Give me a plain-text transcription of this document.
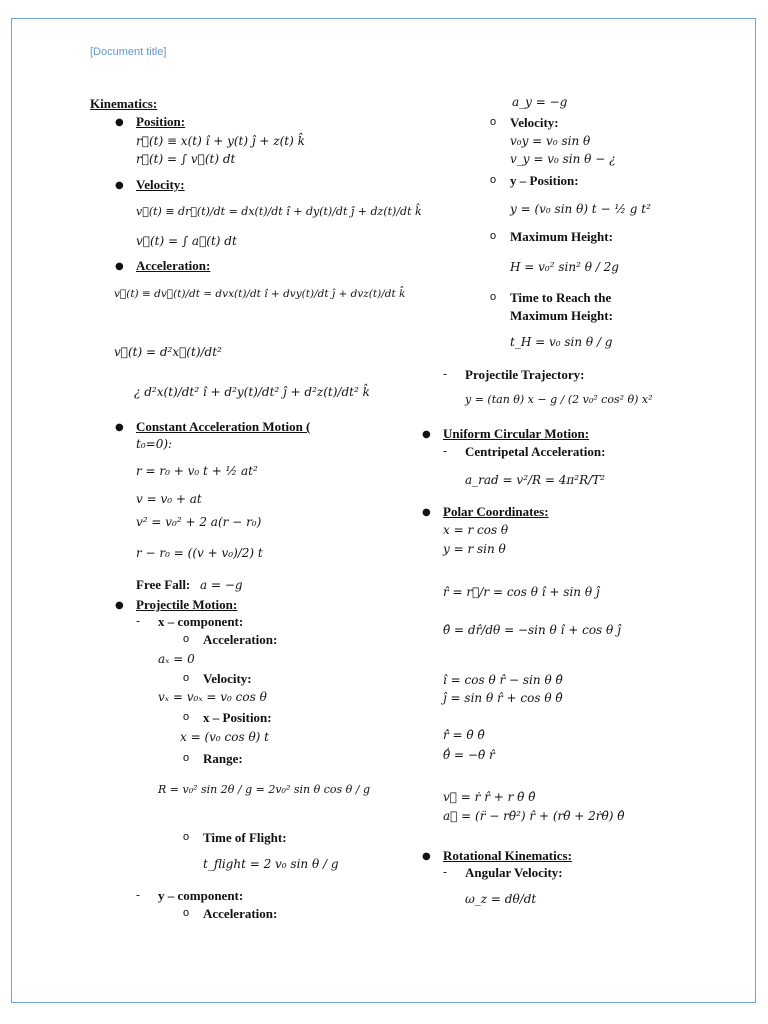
[Document title]
Kinematics:
● Position:
r⃗(t) ≡ x(t) î + y(t) ĵ + z(t) k̂
r⃗(t) = ∫ v⃗(t) dt
● Velocity:
v⃗(t) ≡ dr⃗(t)/dt = dx(t)/dt î + dy(t)/dt ĵ + dz(t)/dt k̂
v⃗(t) = ∫ a⃗(t) dt
● Acceleration:
v⃗(t) ≡ dv⃗(t)/dt = dvx(t)/dt î + dvy(t)/dt ĵ + dvz(t)/dt k̂
v⃗(t) = d²x⃗(t)/dt²
¿ d²x(t)/dt² î + d²y(t)/dt² ĵ + d²z(t)/dt² k̂
● Constant Acceleration Motion (
t₀=0):
r = r₀ + v₀ t + ½ at²
v = v₀ + at
v² = v₀² + 2 a(r − r₀)
r − r₀ = ((v + v₀)/2) t
Free Fall: a = −g
● Projectile Motion:
- x – component:
o Acceleration:
aₓ = 0
o Velocity:
vₓ = v₀ₓ = v₀ cos θ
o x – Position:
x = (v₀ cos θ) t
o Range:
R = v₀² sin 2θ / g = 2v₀² sin θ cos θ / g
o Time of Flight:
t_flight = 2 v₀ sin θ / g
- y – component:
o Acceleration:
a_y = −g
o Velocity:
v₀y = v₀ sin θ
v_y = v₀ sin θ − ¿
o y – Position:
y = (v₀ sin θ) t − ½ g t²
o Maximum Height:
H = v₀² sin² θ / 2g
o Time to Reach the
Maximum Height:
t_H = v₀ sin θ / g
- Projectile Trajectory:
y = (tan θ) x − g / (2 v₀² cos² θ) x²
● Uniform Circular Motion:
- Centripetal Acceleration:
a_rad = v²/R = 4π²R/T²
● Polar Coordinates:
x = r cos θ
y = r sin θ
r̂ = r⃗/r = cos θ î + sin θ ĵ
θ̂ = dr̂/dθ = −sin θ î + cos θ ĵ
î = cos θ r̂ − sin θ θ̂
ĵ = sin θ r̂ + cos θ θ̂
r̂̇ = θ̇ θ̂
θ̂̇ = −θ̇ r̂
v⃗ = ṙ r̂ + r θ̇ θ̂
a⃗ = (r̈ − rθ̇²) r̂ + (rθ̈ + 2ṙθ̇) θ̂
● Rotational Kinematics:
- Angular Velocity:
ω_z = dθ/dt
